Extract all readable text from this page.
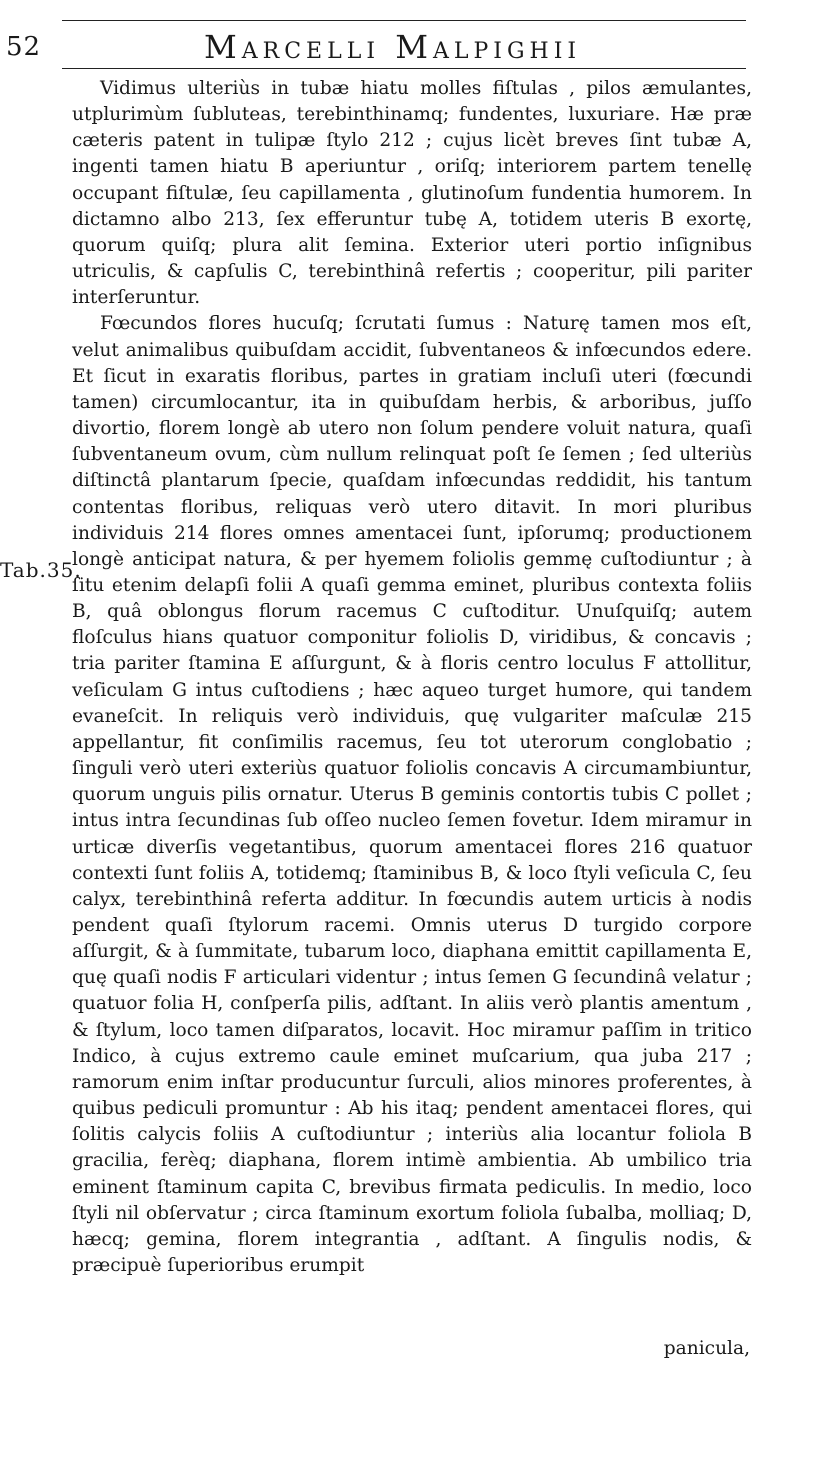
52	Marcelli Malpighii
Tab.35.

Vidimus ulteriùs in tubæ hiatu molles fiſtulas , pilos æmulantes, utplurimùm ſubluteas, terebinthinamq; fundentes, luxuriare. Hæ præ cæteris patent in tulipæ ſtylo 212 ; cujus licèt breves ſint tubæ A, ingenti tamen hiatu B aperiuntur , oriſq; interiorem partem tenellę occupant fiſtulæ, ſeu capillamenta , glutinoſum fundentia humorem. In dictamno albo 213, ſex efferuntur tubę A, totidem uteris B exortę, quorum quiſq; plura alit ſemina. Exterior uteri portio inſignibus utriculis, & capſulis C, terebinthinâ refertis ; cooperitur, pili pariter interſeruntur.

Fœcundos flores hucuſq; ſcrutati ſumus : Naturę tamen mos eſt, velut animalibus quibuſdam accidit, ſubventaneos & infœcundos edere. Et ſicut in exaratis floribus, partes in gratiam incluſi uteri (fœcundi tamen) circumlocantur, ita in quibuſdam herbis, & arboribus, juſſo divortio, florem longè ab utero non ſolum pendere voluit natura, quaſi ſubventaneum ovum, cùm nullum relinquat poſt ſe ſemen ; ſed ulteriùs diſtinctâ plantarum ſpecie, quaſdam infœcundas reddidit, his tantum contentas floribus, reliquas verò utero ditavit. In mori pluribus individuis 214 flores omnes amentacei ſunt, ipſorumq; productionem longè anticipat natura, & per hyemem foliolis gemmę cuſtodiuntur ; à ſitu etenim delapſi folii A quaſi gemma eminet, pluribus contexta foliis B, quâ oblongus florum racemus C cuſtoditur. Unuſquiſq; autem floſculus hians quatuor componitur foliolis D, viridibus, & concavis ; tria pariter ſtamina E aſſurgunt, & à floris centro loculus F attollitur, veſiculam G intus cuſtodiens ; hæc aqueo turget humore, qui tandem evaneſcit. In reliquis verò individuis, quę vulgariter maſculæ 215 appellantur, fit conſimilis racemus, ſeu tot uterorum conglobatio ; ſinguli verò uteri exteriùs quatuor foliolis concavis A circumambiuntur, quorum unguis pilis ornatur. Uterus B geminis contortis tubis C pollet ; intus intra ſecundinas ſub oſſeo nucleo ſemen fovetur. Idem miramur in urticæ diverſis vegetantibus, quorum amentacei flores 216 quatuor contexti ſunt foliis A, totidemq; ſtaminibus B, & loco ſtyli veſicula C, ſeu calyx, terebinthinâ referta additur. In fœcundis autem urticis à nodis pendent quaſi ſtylorum racemi. Omnis uterus D turgido corpore aſſurgit, & à ſummitate, tubarum loco, diaphana emittit capillamenta E, quę quaſi nodis F articulari videntur ; intus ſemen G ſecundinâ velatur ; quatuor folia H, conſperſa pilis, adſtant. In aliis verò plantis amentum , & ſtylum, loco tamen diſparatos, locavit. Hoc miramur paſſim in tritico Indico, à cujus extremo caule eminet muſcarium, qua juba 217 ; ramorum enim inſtar producuntur ſurculi, alios minores proferentes, à quibus pediculi promuntur : Ab his itaq; pendent amentacei flores, qui ſolitis calycis foliis A cuſtodiuntur ; interiùs alia locantur foliola B gracilia, ferèq; diaphana, florem intimè ambientia. Ab umbilico tria eminent ſtaminum capita C, brevibus firmata pediculis. In medio, loco ſtyli nil obſervatur ; circa ſtaminum exortum foliola ſubalba, molliaq; D, hæcq; gemina, florem integrantia , adſtant. A ſingulis nodis, & præcipuè ſuperioribus erumpit

panicula,
